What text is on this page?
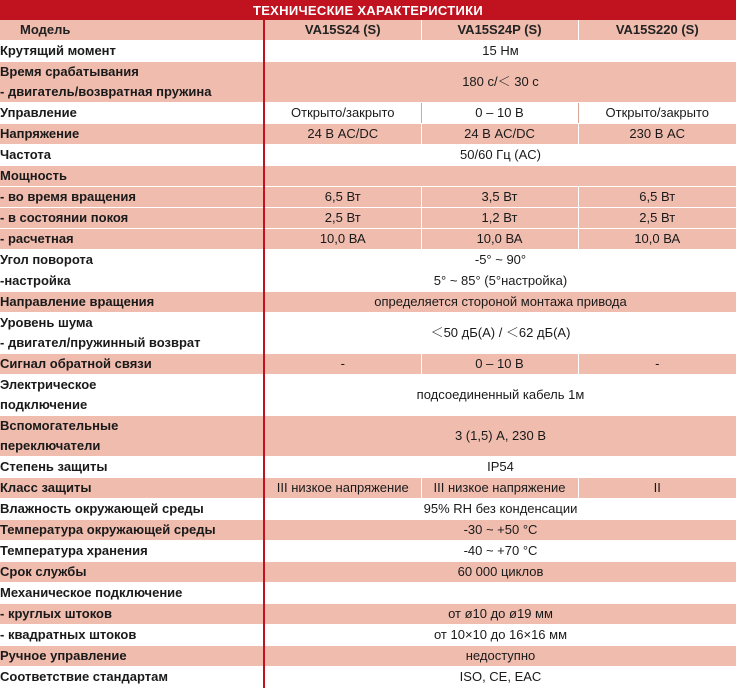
ТЕХНИЧЕСКИЕ ХАРАКТЕРИСТИКИ
Модель	VA15S24 (S)	VA15S24P (S)	VA15S220 (S)

Крутящий момент	15 Нм		

Время срабатывания
- двигатель/возвратная пружина	180 с/＜ 30 с		

Управление	Открыто/закрыто	0 – 10 В	Открыто/закрыто

Напряжение	24 В AC/DC	24 В AC/DC	230 В AC

Частота	50/60 Гц (AC)		

Мощность			

- во время вращения	6,5 Вт	3,5 Вт	6,5 Вт

- в состоянии покоя	2,5 Вт	1,2 Вт	2,5 Вт

- расчетная	10,0 ВА	10,0 ВА	10,0 ВА

Угол поворота	-5° ~ 90°		

-настройка	5° ~ 85° (5°настройка)		

Направление вращения	определяется стороной монтажа привода		

Уровень шума
- двигател/пружинный возврат	＜50 дБ(А) / ＜62 дБ(А)		

Сигнал обратной связи	-	0 – 10 В	-

Электрическое
подключение	подсоединенный кабель 1м		

Вспомогательные
переключатели	3 (1,5) А, 230 В		

Степень защиты	IP54		

Класс защиты	III низкое напряжение	III низкое напряжение	II

Влажность окружающей среды	95% RH без конденсации		

Температура окружающей среды	-30 ~ +50 °C		

Температура хранения	-40 ~ +70 °C		

Срок службы	60 000 циклов		

Механическое подключение			

- круглых штоков	от ø10 до ø19 мм		

- квадратных штоков	от 10×10 до 16×16 мм		

Ручное управление	недоступно		

Соответствие стандартам	ISO, CE, EAC		
